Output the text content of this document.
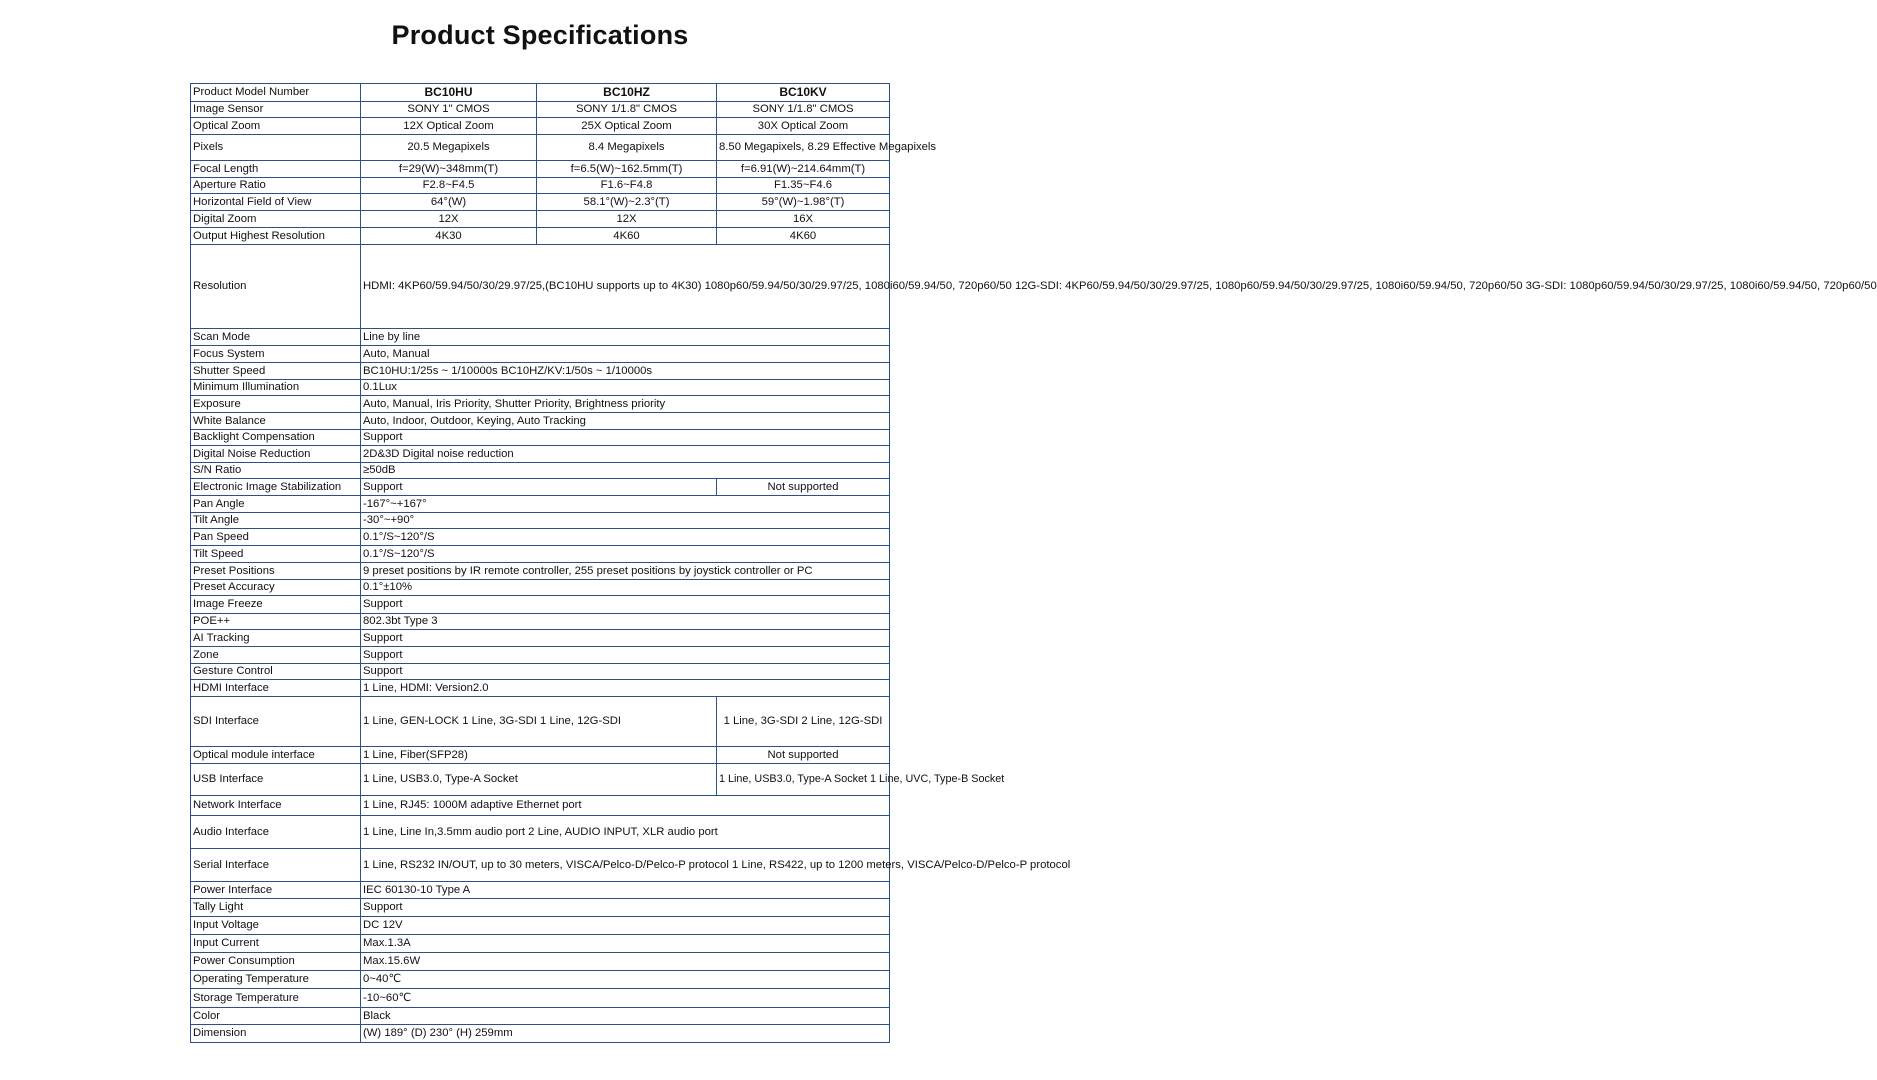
Product Specifications
Product Model Number	BC10HU	BC10HZ	BC10KV
Image Sensor	SONY 1" CMOS	SONY 1/1.8" CMOS	SONY 1/1.8" CMOS
Optical Zoom	12X Optical Zoom	25X Optical Zoom	30X Optical Zoom
Pixels	20.5 Megapixels	8.4 Megapixels	8.50 Megapixels, 8.29 Effective Megapixels
Focal Length	f=29(W)~348mm(T)	f=6.5(W)~162.5mm(T)	f=6.91(W)~214.64mm(T)
Aperture Ratio	F2.8~F4.5	F1.6~F4.8	F1.35~F4.6
Horizontal Field of View	64°(W)	58.1°(W)~2.3°(T)	59°(W)~1.98°(T)
Digital Zoom	12X	12X	16X
Output Highest Resolution	4K30	4K60	4K60
Resolution	HDMI: 4KP60/59.94/50/30/29.97/25,(BC10HU supports up to 4K30) 1080p60/59.94/50/30/29.97/25, 1080i60/59.94/50, 720p60/50 12G-SDI: 4KP60/59.94/50/30/29.97/25, 1080p60/59.94/50/30/29.97/25, 1080i60/59.94/50, 720p60/50 3G-SDI: 1080p60/59.94/50/30/29.97/25, 1080i60/59.94/50, 720p60/50		
Scan Mode	Line by line		
Focus System	Auto, Manual		
Shutter Speed	BC10HU:1/25s ~ 1/10000s BC10HZ/KV:1/50s ~ 1/10000s		
Minimum Illumination	0.1Lux		
Exposure	Auto, Manual, Iris Priority, Shutter Priority, Brightness priority		
White Balance	Auto, Indoor, Outdoor, Keying, Auto Tracking		
Backlight Compensation	Support		
Digital Noise Reduction	2D&3D Digital noise reduction		
S/N Ratio	≥50dB		
Electronic Image Stabilization	Support		Not supported
Pan Angle	-167°~+167°		
Tilt Angle	-30°~+90°		
Pan Speed	0.1°/S~120°/S		
Tilt Speed	0.1°/S~120°/S		
Preset Positions	9 preset positions by IR remote controller, 255 preset positions by joystick controller or PC		
Preset Accuracy	0.1°±10%		
Image Freeze	Support		
POE++	802.3bt Type 3		
AI Tracking	Support		
Zone	Support		
Gesture Control	Support		
HDMI Interface	1 Line, HDMI: Version2.0		
SDI Interface	1 Line, GEN-LOCK 1 Line, 3G-SDI 1 Line, 12G-SDI		1 Line, 3G-SDI 2 Line, 12G-SDI
Optical module interface	1 Line, Fiber(SFP28)		Not supported
USB Interface	1 Line, USB3.0, Type-A Socket		1 Line, USB3.0, Type-A Socket 1 Line, UVC, Type-B Socket
Network Interface	1 Line, RJ45: 1000M adaptive Ethernet port		
Audio Interface	1 Line, Line In,3.5mm audio port 2 Line, AUDIO INPUT, XLR audio port		
Serial Interface	1 Line, RS232 IN/OUT, up to 30 meters, VISCA/Pelco-D/Pelco-P protocol 1 Line, RS422, up to 1200 meters, VISCA/Pelco-D/Pelco-P protocol		
Power Interface	IEC 60130-10 Type A		
Tally Light	Support		
Input Voltage	DC 12V		
Input Current	Max.1.3A		
Power Consumption	Max.15.6W		
Operating Temperature	0~40℃		
Storage Temperature	-10~60℃		
Color	Black		
Dimension	(W) 189° (D) 230° (H) 259mm		
